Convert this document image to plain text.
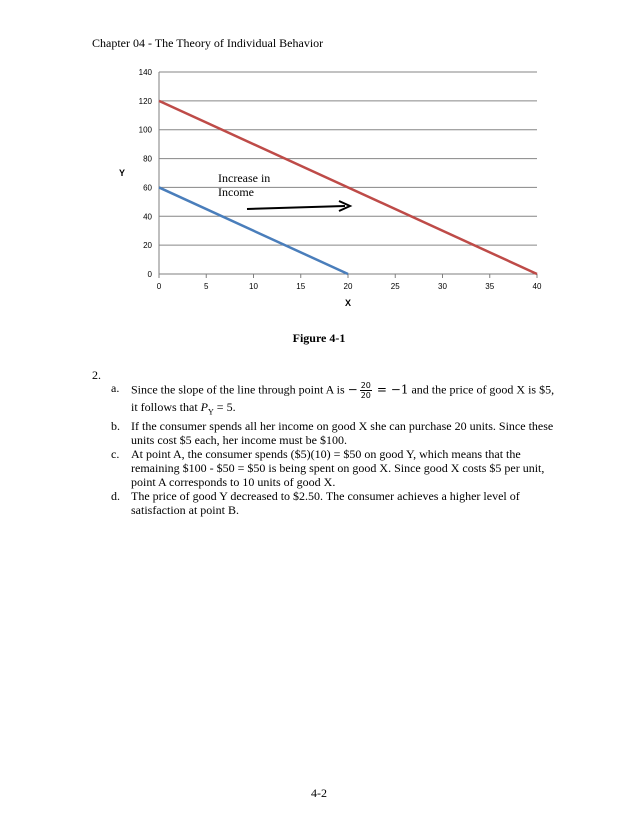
Chapter 04 - The Theory of Individual Behavior
0
20
40
60
80
100
120
140
0	5	10	15	20	25	30	35	40
Y
X
Increase in
Income
Figure 4-1
2.
a. Since the slope of the line through point A is − $\frac{20}{20} = -1$ and the price of good X is $5, it follows that $P_Y = 5$.
b. If the consumer spends all her income on good X she can purchase 20 units. Since these units cost $5 each, her income must be $100.
c. At point A, the consumer spends ($5)(10) = $50 on good Y, which means that the remaining $100 - $50 = $50 is being spent on good X. Since good X costs $5 per unit, point A corresponds to 10 units of good X.
d. The price of good Y decreased to $2.50. The consumer achieves a higher level of satisfaction at point B.
4-2
